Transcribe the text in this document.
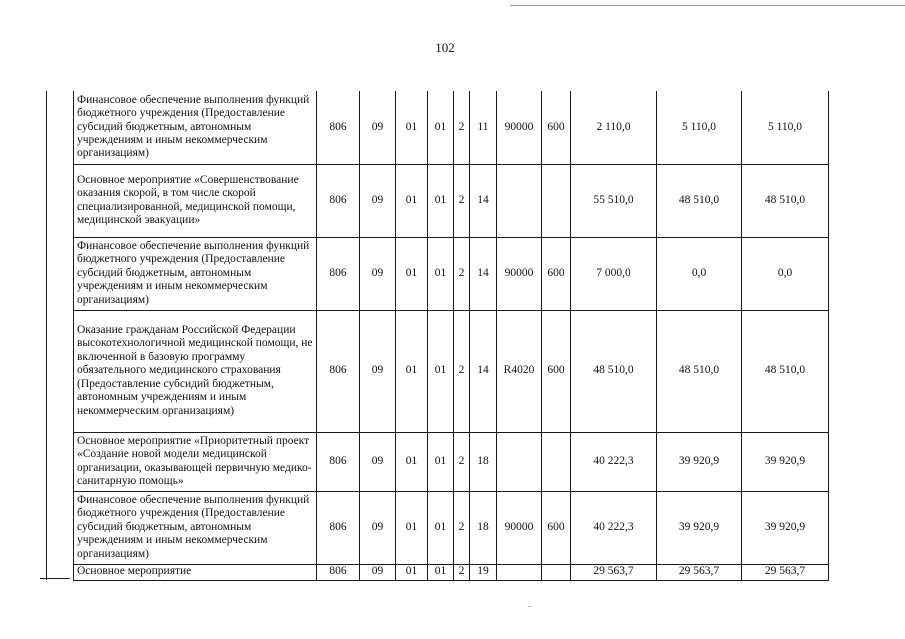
102
	Финансовое обеспечение выполнения функций бюджетного учреждения (Предоставление субсидий бюджетным, автономным учреждениям и иным некоммерческим организациям)	806	09	01	01	2	11	90000	600	2 110,0	5 110,0	5 110,0
	Основное мероприятие «Совершенствование оказания скорой, в том числе скорой специализированной, медицинской помощи, медицинской эвакуации»	806	09	01	01	2	14			55 510,0	48 510,0	48 510,0
	Финансовое обеспечение выполнения функций бюджетного учреждения (Предоставление субсидий бюджетным, автономным учреждениям и иным некоммерческим организациям)	806	09	01	01	2	14	90000	600	7 000,0	0,0	0,0
	Оказание гражданам Российской Федерации высокотехнологичной медицинской помощи, не включенной в базовую программу обязательного медицинского страхования (Предоставление субсидий бюджетным, автономным учреждениям и иным некоммерческим организациям)	806	09	01	01	2	14	R4020	600	48 510,0	48 510,0	48 510,0
	Основное мероприятие «Приоритетный проект «Создание новой модели медицинской организации, оказывающей первичную медико-санитарную помощь»	806	09	01	01	2	18			40 222,3	39 920,9	39 920,9
	Финансовое обеспечение выполнения функций бюджетного учреждения (Предоставление субсидий бюджетным, автономным учреждениям и иным некоммерческим организациям)	806	09	01	01	2	18	90000	600	40 222,3	39 920,9	39 920,9
	Основное мероприятие	806	09	01	01	2	19			29 563,7	29 563,7	29 563,7
